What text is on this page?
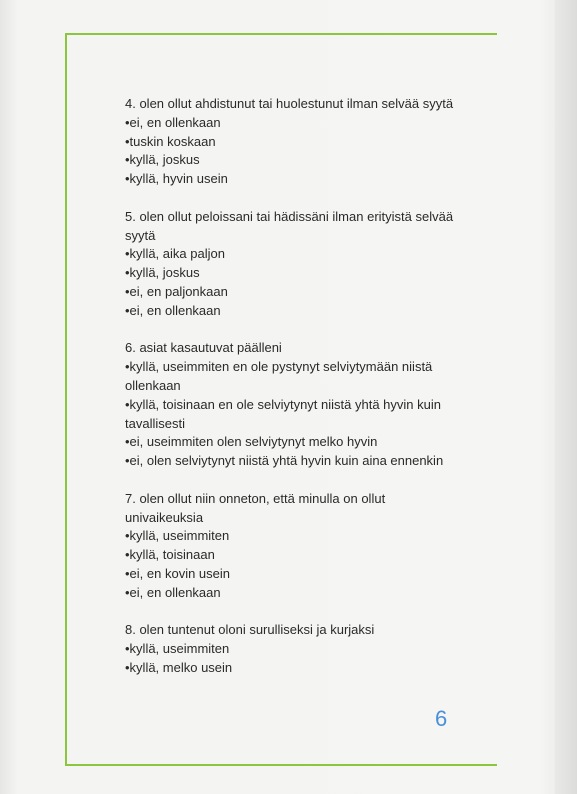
4. olen ollut ahdistunut tai huolestunut ilman selvää syytä

•ei, en ollenkaan

•tuskin koskaan

•kyllä, joskus

•kyllä, hyvin usein

5. olen ollut peloissani tai hädissäni ilman erityistä selvää syytä

•kyllä, aika paljon

•kyllä, joskus

•ei, en paljonkaan

•ei, en ollenkaan

6. asiat kasautuvat päälleni

•kyllä, useimmiten en ole pystynyt selviytymään niistä ollenkaan

•kyllä, toisinaan en ole selviytynyt niistä yhtä hyvin kuin tavallisesti

•ei, useimmiten olen selviytynyt melko hyvin

•ei, olen selviytynyt niistä yhtä hyvin kuin aina ennenkin

7. olen ollut niin onneton, että minulla on ollut univaikeuksia

•kyllä, useimmiten

•kyllä, toisinaan

•ei, en kovin usein

•ei, en ollenkaan

8. olen tuntenut oloni surulliseksi ja kurjaksi

•kyllä, useimmiten

•kyllä, melko usein

6
